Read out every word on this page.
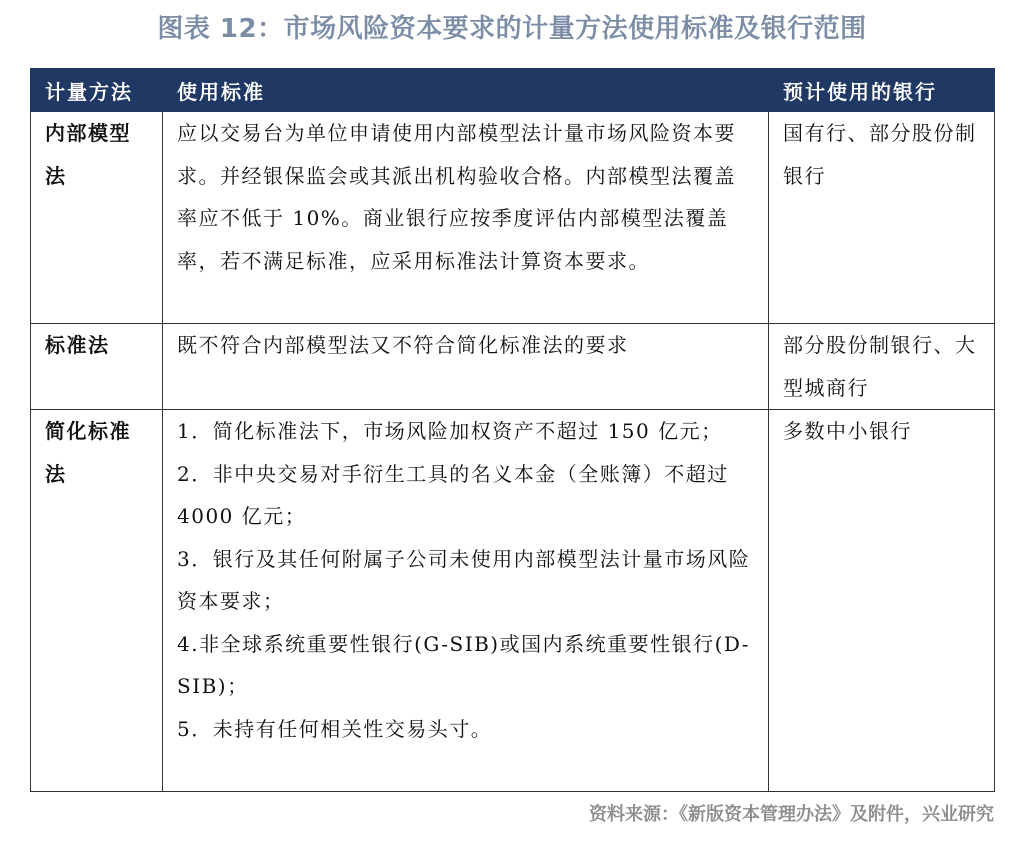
图表 12：市场风险资本要求的计量方法使用标准及银行范围
计量方法	使用标准	预计使用的银行
内部模型法	应以交易台为单位申请使用内部模型法计量市场风险资本要求。并经银保监会或其派出机构验收合格。内部模型法覆盖率应不低于 10%。商业银行应按季度评估内部模型法覆盖率，若不满足标准，应采用标准法计算资本要求。	国有行、部分股份制银行
标准法	既不符合内部模型法又不符合简化标准法的要求	部分股份制银行、大型城商行
简化标准法	1．简化标准法下，市场风险加权资产不超过 150 亿元；
2．非中央交易对手衍生工具的名义本金（全账簿）不超过 4000 亿元；
3．银行及其任何附属子公司未使用内部模型法计量市场风险资本要求；
4.非全球系统重要性银行(G-SIB)或国内系统重要性银行(D-SIB)；
5．未持有任何相关性交易头寸。	多数中小银行
资料来源：《新版资本管理办法》及附件，兴业研究
